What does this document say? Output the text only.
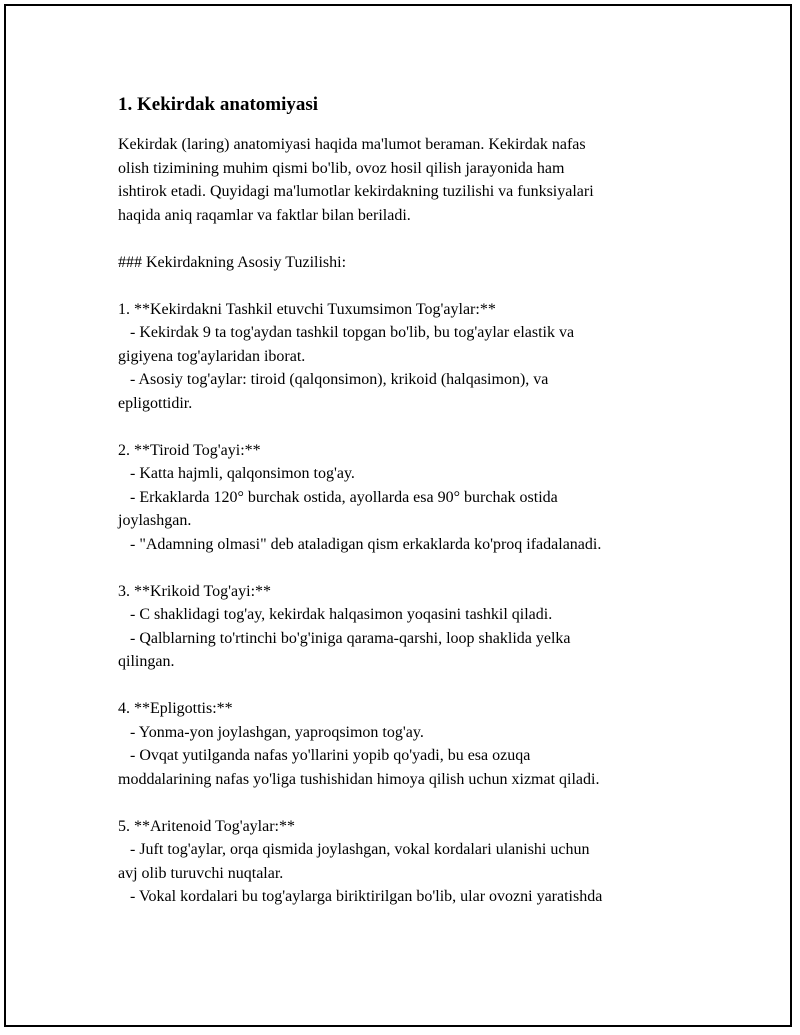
1. Kekirdak anatomiyasi
Kekirdak (laring) anatomiyasi haqida ma'lumot beraman. Kekirdak nafas
olish tizimining muhim qismi bo'lib, ovoz hosil qilish jarayonida ham
ishtirok etadi. Quyidagi ma'lumotlar kekirdakning tuzilishi va funksiyalari
haqida aniq raqamlar va faktlar bilan beriladi.
### Kekirdakning Asosiy Tuzilishi:
1. **Kekirdakni Tashkil etuvchi Tuxumsimon Tog'aylar:**
- Kekirdak 9 ta tog'aydan tashkil topgan bo'lib, bu tog'aylar elastik va
gigiyena tog'aylaridan iborat.
- Asosiy tog'aylar: tiroid (qalqonsimon), krikoid (halqasimon), va
epligottidir.
2. **Tiroid Tog'ayi:**
- Katta hajmli, qalqonsimon tog'ay.
- Erkaklarda 120° burchak ostida, ayollarda esa 90° burchak ostida
joylashgan.
- "Adamning olmasi" deb ataladigan qism erkaklarda ko'proq ifadalanadi.
3. **Krikoid Tog'ayi:**
- C shaklidagi tog'ay, kekirdak halqasimon yoqasini tashkil qiladi.
- Qalblarning to'rtinchi bo'g'iniga qarama-qarshi, loop shaklida yelka
qilingan.
4. **Epligottis:**
- Yonma-yon joylashgan, yaproqsimon tog'ay.
- Ovqat yutilganda nafas yo'llarini yopib qo'yadi, bu esa ozuqa
moddalarining nafas yo'liga tushishidan himoya qilish uchun xizmat qiladi.
5. **Aritenoid Tog'aylar:**
- Juft tog'aylar, orqa qismida joylashgan, vokal kordalari ulanishi uchun
avj olib turuvchi nuqtalar.
- Vokal kordalari bu tog'aylarga biriktirilgan bo'lib, ular ovozni yaratishda
